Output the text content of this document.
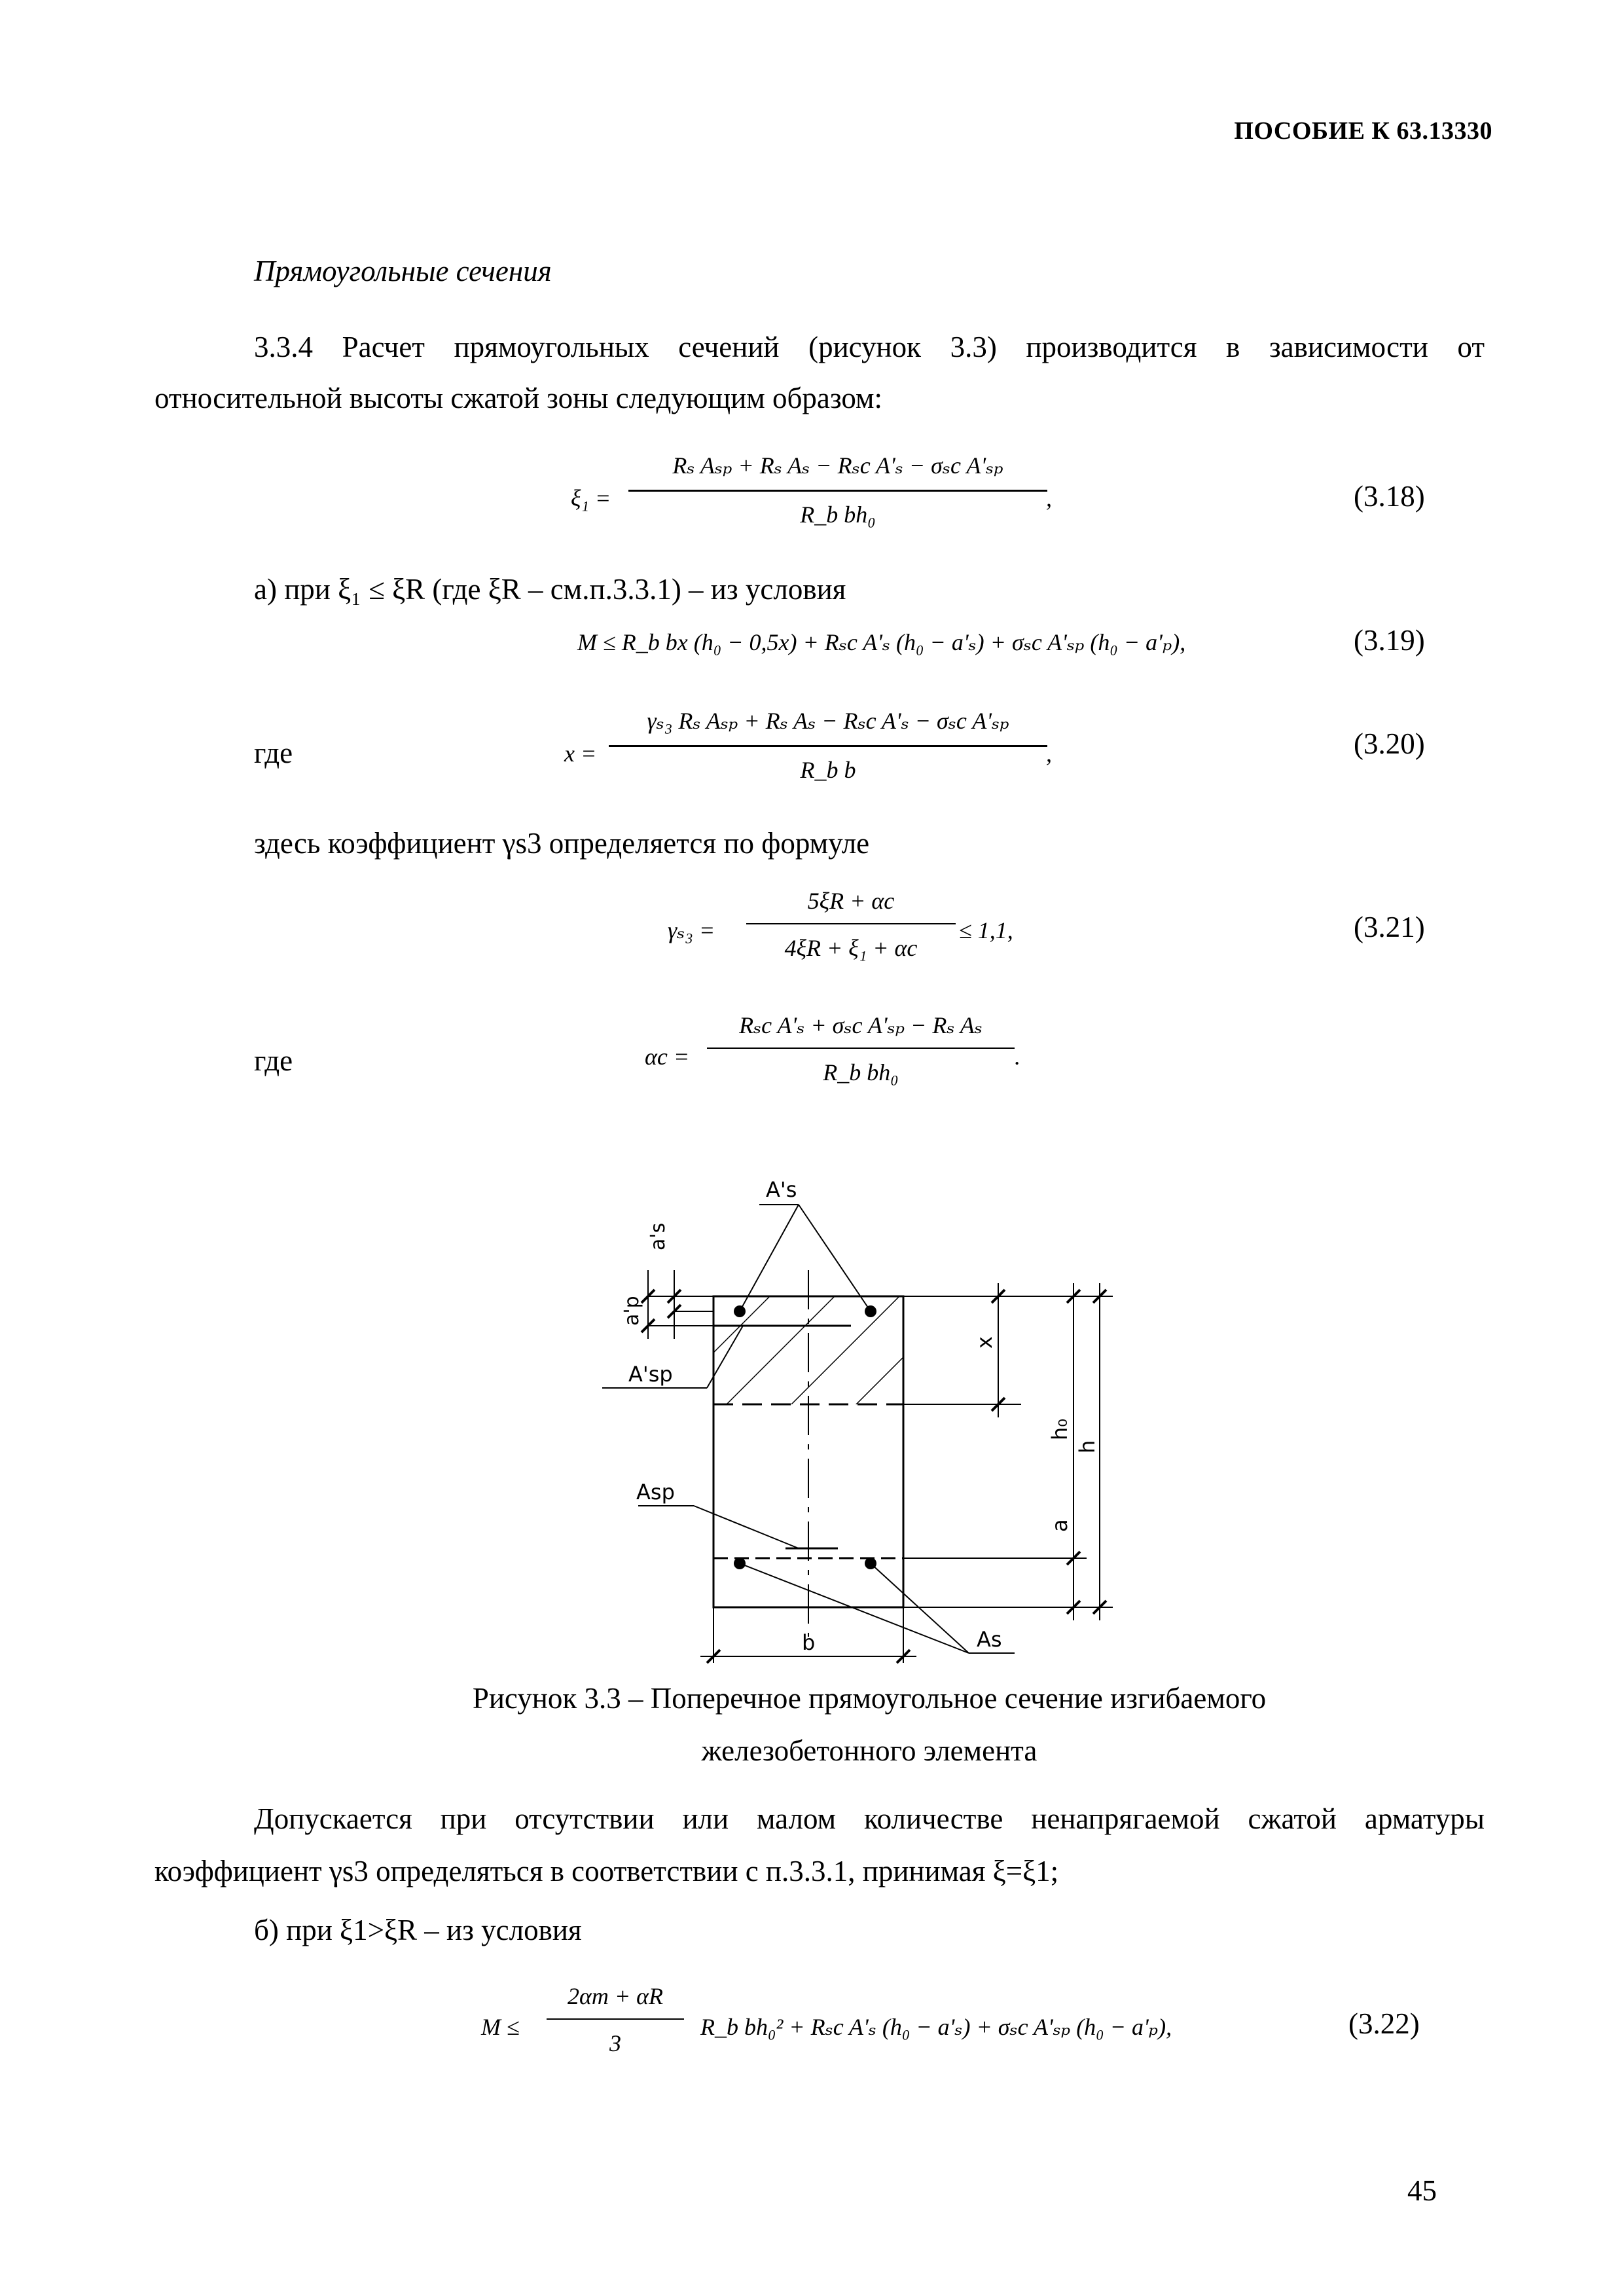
ПОСОБИЕ К 63.13330
Прямоугольные сечения
3.3.4 Расчет прямоугольных сечений (рисунок 3.3) производится в зависимости от
относительной высоты сжатой зоны следующим образом:
ξ₁ =
Rₛ Aₛₚ + Rₛ Aₛ − Rₛc A'ₛ − σₛc A'ₛₚ
R_b bh₀
,	(3.18)
а) при ξ₁ ≤ ξR (где ξR – см.п.3.3.1) – из условия
M ≤ R_b bx (h₀ − 0,5x) + Rₛc A'ₛ (h₀ − a'ₛ) + σₛc A'ₛₚ (h₀ − a'ₚ),	(3.19)
где	x =
γₛ₃ Rₛ Aₛₚ + Rₛ Aₛ − Rₛc A'ₛ − σₛc A'ₛₚ
R_b b
,	(3.20)
здесь коэффициент γs3 определяется по формуле
γₛ₃ =
5ξR + αc
4ξR + ξ₁ + αc
≤ 1,1,	(3.21)
где	αc =
Rₛc A'ₛ + σₛc A'ₛₚ − Rₛ Aₛ
R_b bh₀
.
A's
a's
a'p
A'sp
Asp
As
x
h₀
h
a
b
Рисунок 3.3 – Поперечное прямоугольное сечение изгибаемого
железобетонного элемента
Допускается при отсутствии или малом количестве ненапрягаемой сжатой арматуры
коэффициент γs3 определяться в соответствии с п.3.3.1, принимая ξ=ξ1;
б) при ξ1>ξR – из условия
M ≤
2αm + αR
3
R_b bh₀² + Rₛc A'ₛ (h₀ − a'ₛ) + σₛc A'ₛₚ (h₀ − a'ₚ),	(3.22)
45
